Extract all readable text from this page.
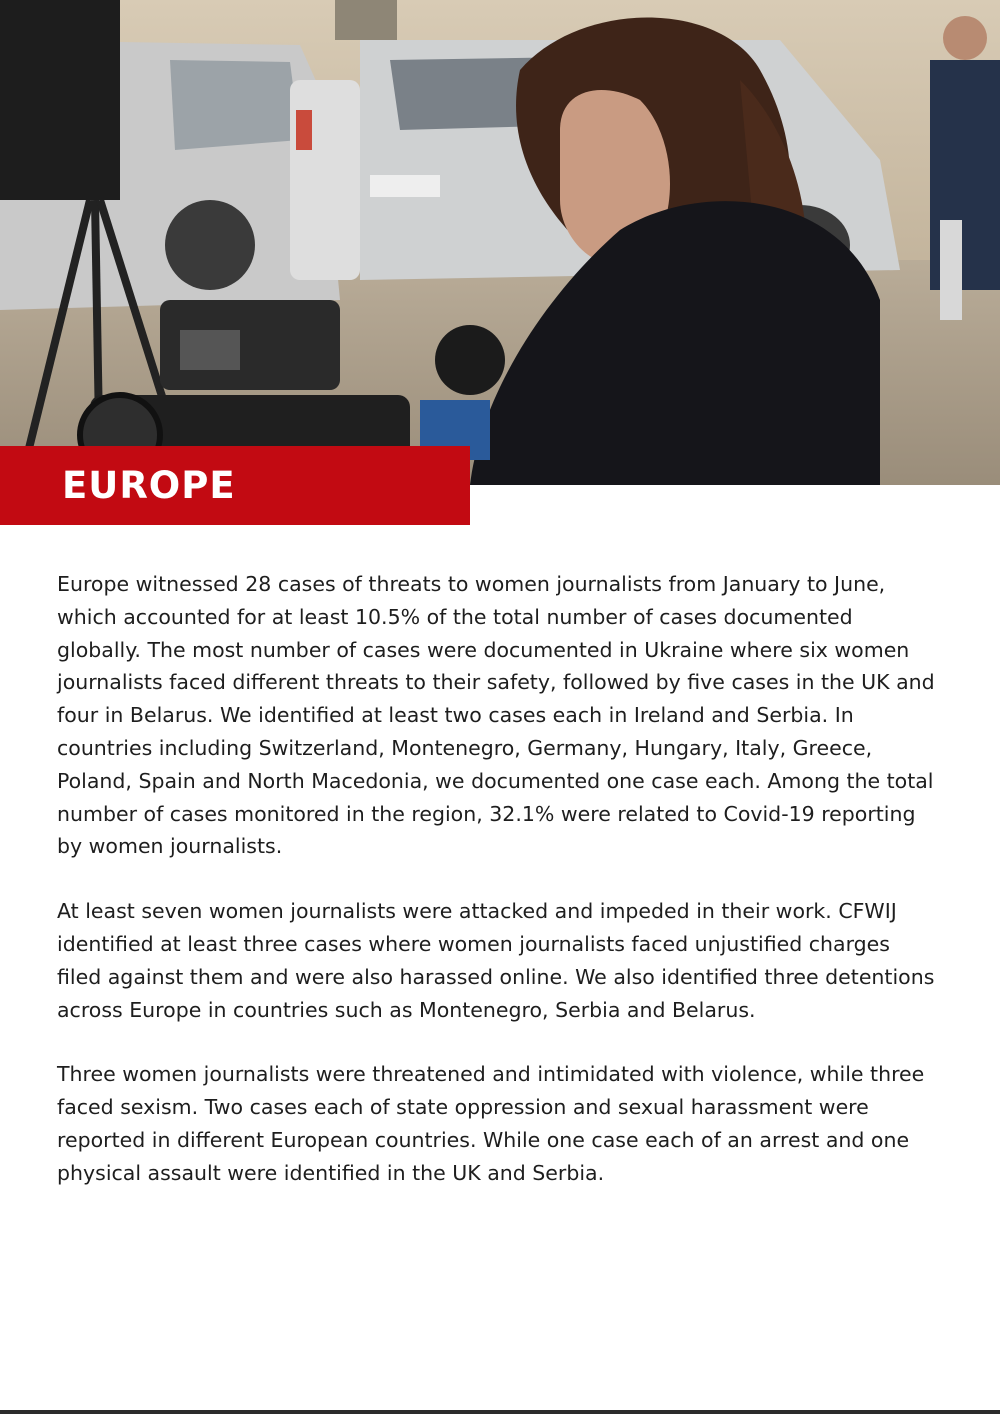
EUROPE

Europe witnessed 28 cases of threats to women journalists from January to June, which accounted for at least 10.5% of the total number of cases documented globally. The most number of cases were documented in Ukraine where six women journalists faced different threats to their safety, followed by five cases in the UK and four in Belarus. We identified at least two cases each in Ireland and Serbia. In countries including Switzerland, Montenegro, Germany, Hungary, Italy, Greece, Poland, Spain and North Macedonia, we documented one case each. Among the total number of cases monitored in the region, 32.1% were related to Covid-19 reporting by women journalists.

At least seven women journalists were attacked and impeded in their work. CFWIJ identified at least three cases where women journalists faced unjustified charges filed against them and were also harassed online. We also identified three detentions across Europe in countries such as Montenegro, Serbia and Belarus.

Three women journalists were threatened and intimidated with violence, while three faced sexism. Two cases each of state oppression and sexual harassment were reported in different European countries. While one case each of an arrest and one physical assault were identified in the UK and Serbia.
